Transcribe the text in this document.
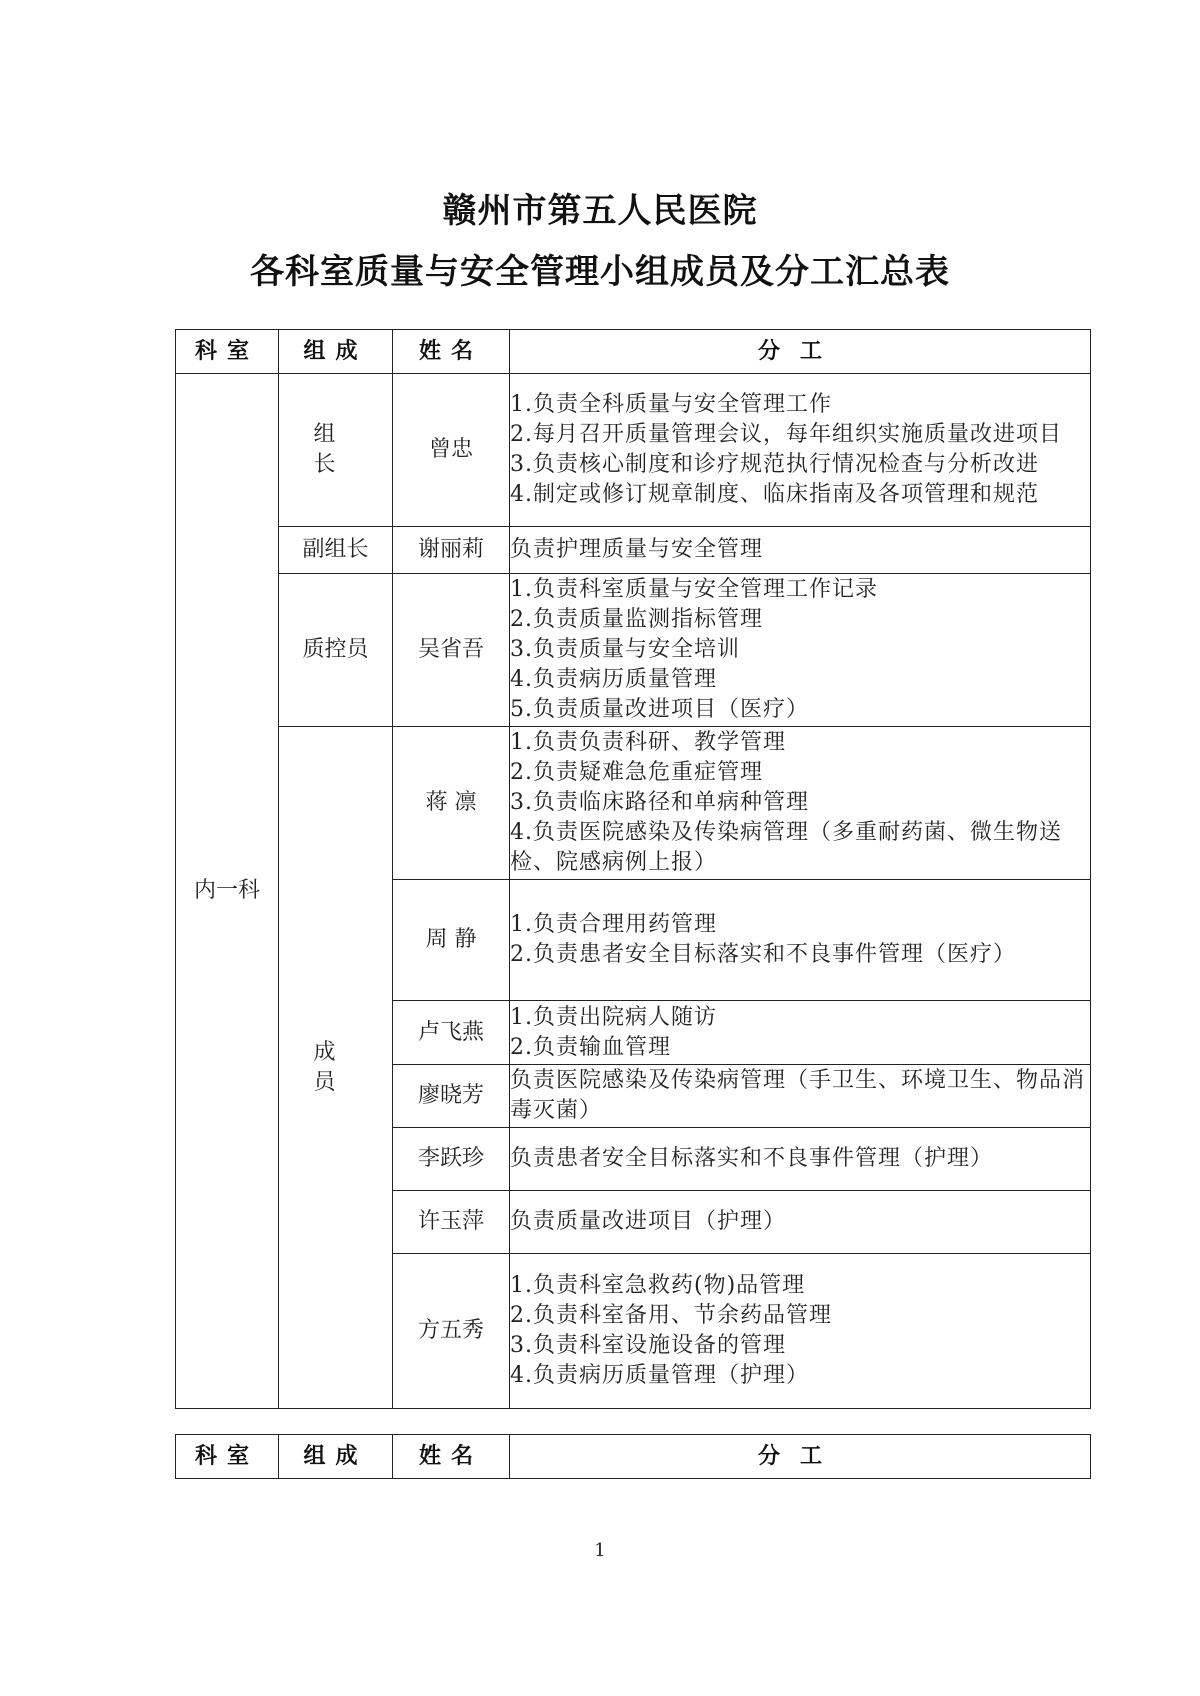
赣州市第五人民医院
各科室质量与安全管理小组成员及分工汇总表
科室	组成	姓名	分工
内一科	组 长	曾忠	1.负责全科质量与安全管理工作
2.每月召开质量管理会议，每年组织实施质量改进项目
3.负责核心制度和诊疗规范执行情况检查与分析改进
4.制定或修订规章制度、临床指南及各项管理和规范

	副组长	谢丽莉	负责护理质量与安全管理

	质控员	吴省吾	1.负责科室质量与安全管理工作记录
2.负责质量监测指标管理
3.负责质量与安全培训
4.负责病历质量管理
5.负责质量改进项目（医疗）

	成 员	蒋 凛	1.负责负责科研、教学管理
2.负责疑难急危重症管理
3.负责临床路径和单病种管理
4.负责医院感染及传染病管理（多重耐药菌、微生物送检、院感病例上报）

		周 静	1.负责合理用药管理
2.负责患者安全目标落实和不良事件管理（医疗）

		卢飞燕	1.负责出院病人随访
2.负责输血管理

		廖晓芳	负责医院感染及传染病管理（手卫生、环境卫生、物品消毒灭菌）

		李跃珍	负责患者安全目标落实和不良事件管理（护理）

		许玉萍	负责质量改进项目（护理）

		方五秀	1.负责科室急救药(物)品管理
2.负责科室备用、节余药品管理
3.负责科室设施设备的管理
4.负责病历质量管理（护理）
科室	组成	姓名	分工
1
